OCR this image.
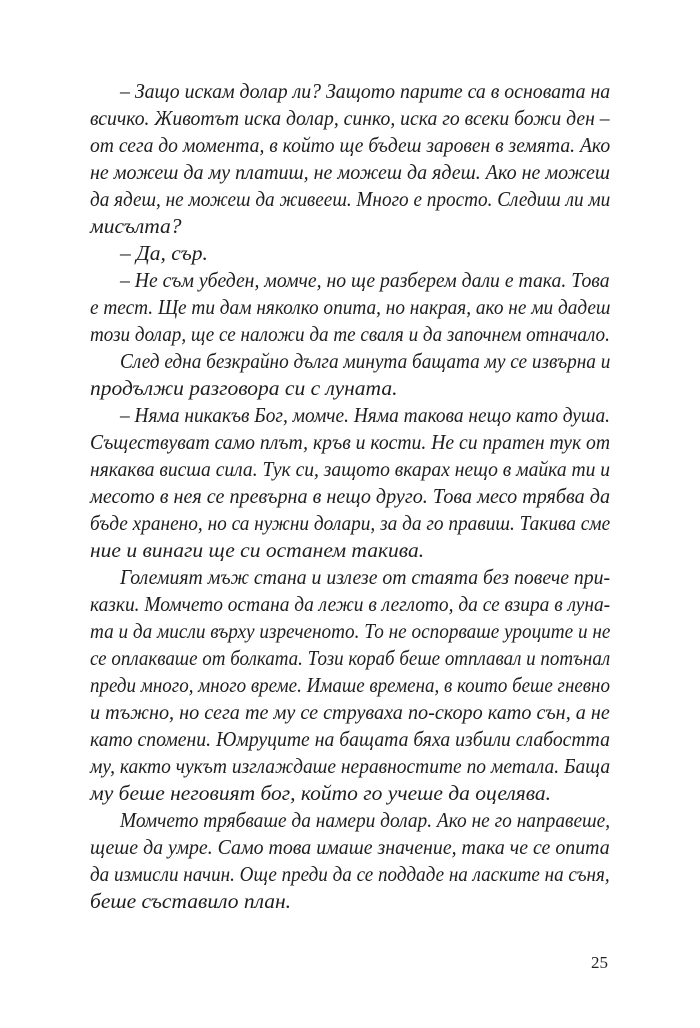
– Защо искам долар ли? Защото парите са в основата на

всичко. Животът иска долар, синко, иска го всеки божи ден –

от сега до момента, в който ще бъдеш заровен в земята. Ако

не можеш да му платиш, не можеш да ядеш. Ако не можеш

да ядеш, не можеш да живееш. Много е просто. Следиш ли ми

мисълта?

– Да, сър.

– Не съм убеден, момче, но ще разберем дали е така. Това

е тест. Ще ти дам няколко опита, но накрая, ако не ми дадеш

този долар, ще се наложи да те сваля и да започнем отначало.

След една безкрайно дълга минута бащата му се извърна и

продължи разговора си с луната.

– Няма никакъв Бог, момче. Няма такова нещо като душа.

Съществуват само плът, кръв и кости. Не си пратен тук от

някаква висша сила. Тук си, защото вкарах нещо в майка ти и

месото в нея се превърна в нещо друго. Това месо трябва да

бъде хранено, но са нужни долари, за да го правиш. Такива сме

ние и винаги ще си останем такива.

Големият мъж стана и излезе от стаята без повече при-

казки. Момчето остана да лежи в леглото, да се взира в луна-

та и да мисли върху изреченото. То не оспорваше уроците и не

се оплакваше от болката. Този кораб беше отплавал и потънал

преди много, много време. Имаше времена, в които беше гневно

и тъжно, но сега те му се струваха по-скоро като сън, а не

като спомени. Юмруците на бащата бяха избили слабостта

му, както чукът изглаждаше неравностите по метала. Баща

му беше неговият бог, който го учеше да оцелява.

Момчето трябваше да намери долар. Ако не го направеше,

щеше да умре. Само това имаше значение, така че се опита

да измисли начин. Още преди да се поддаде на ласките на съня,

беше съставило план.

25
